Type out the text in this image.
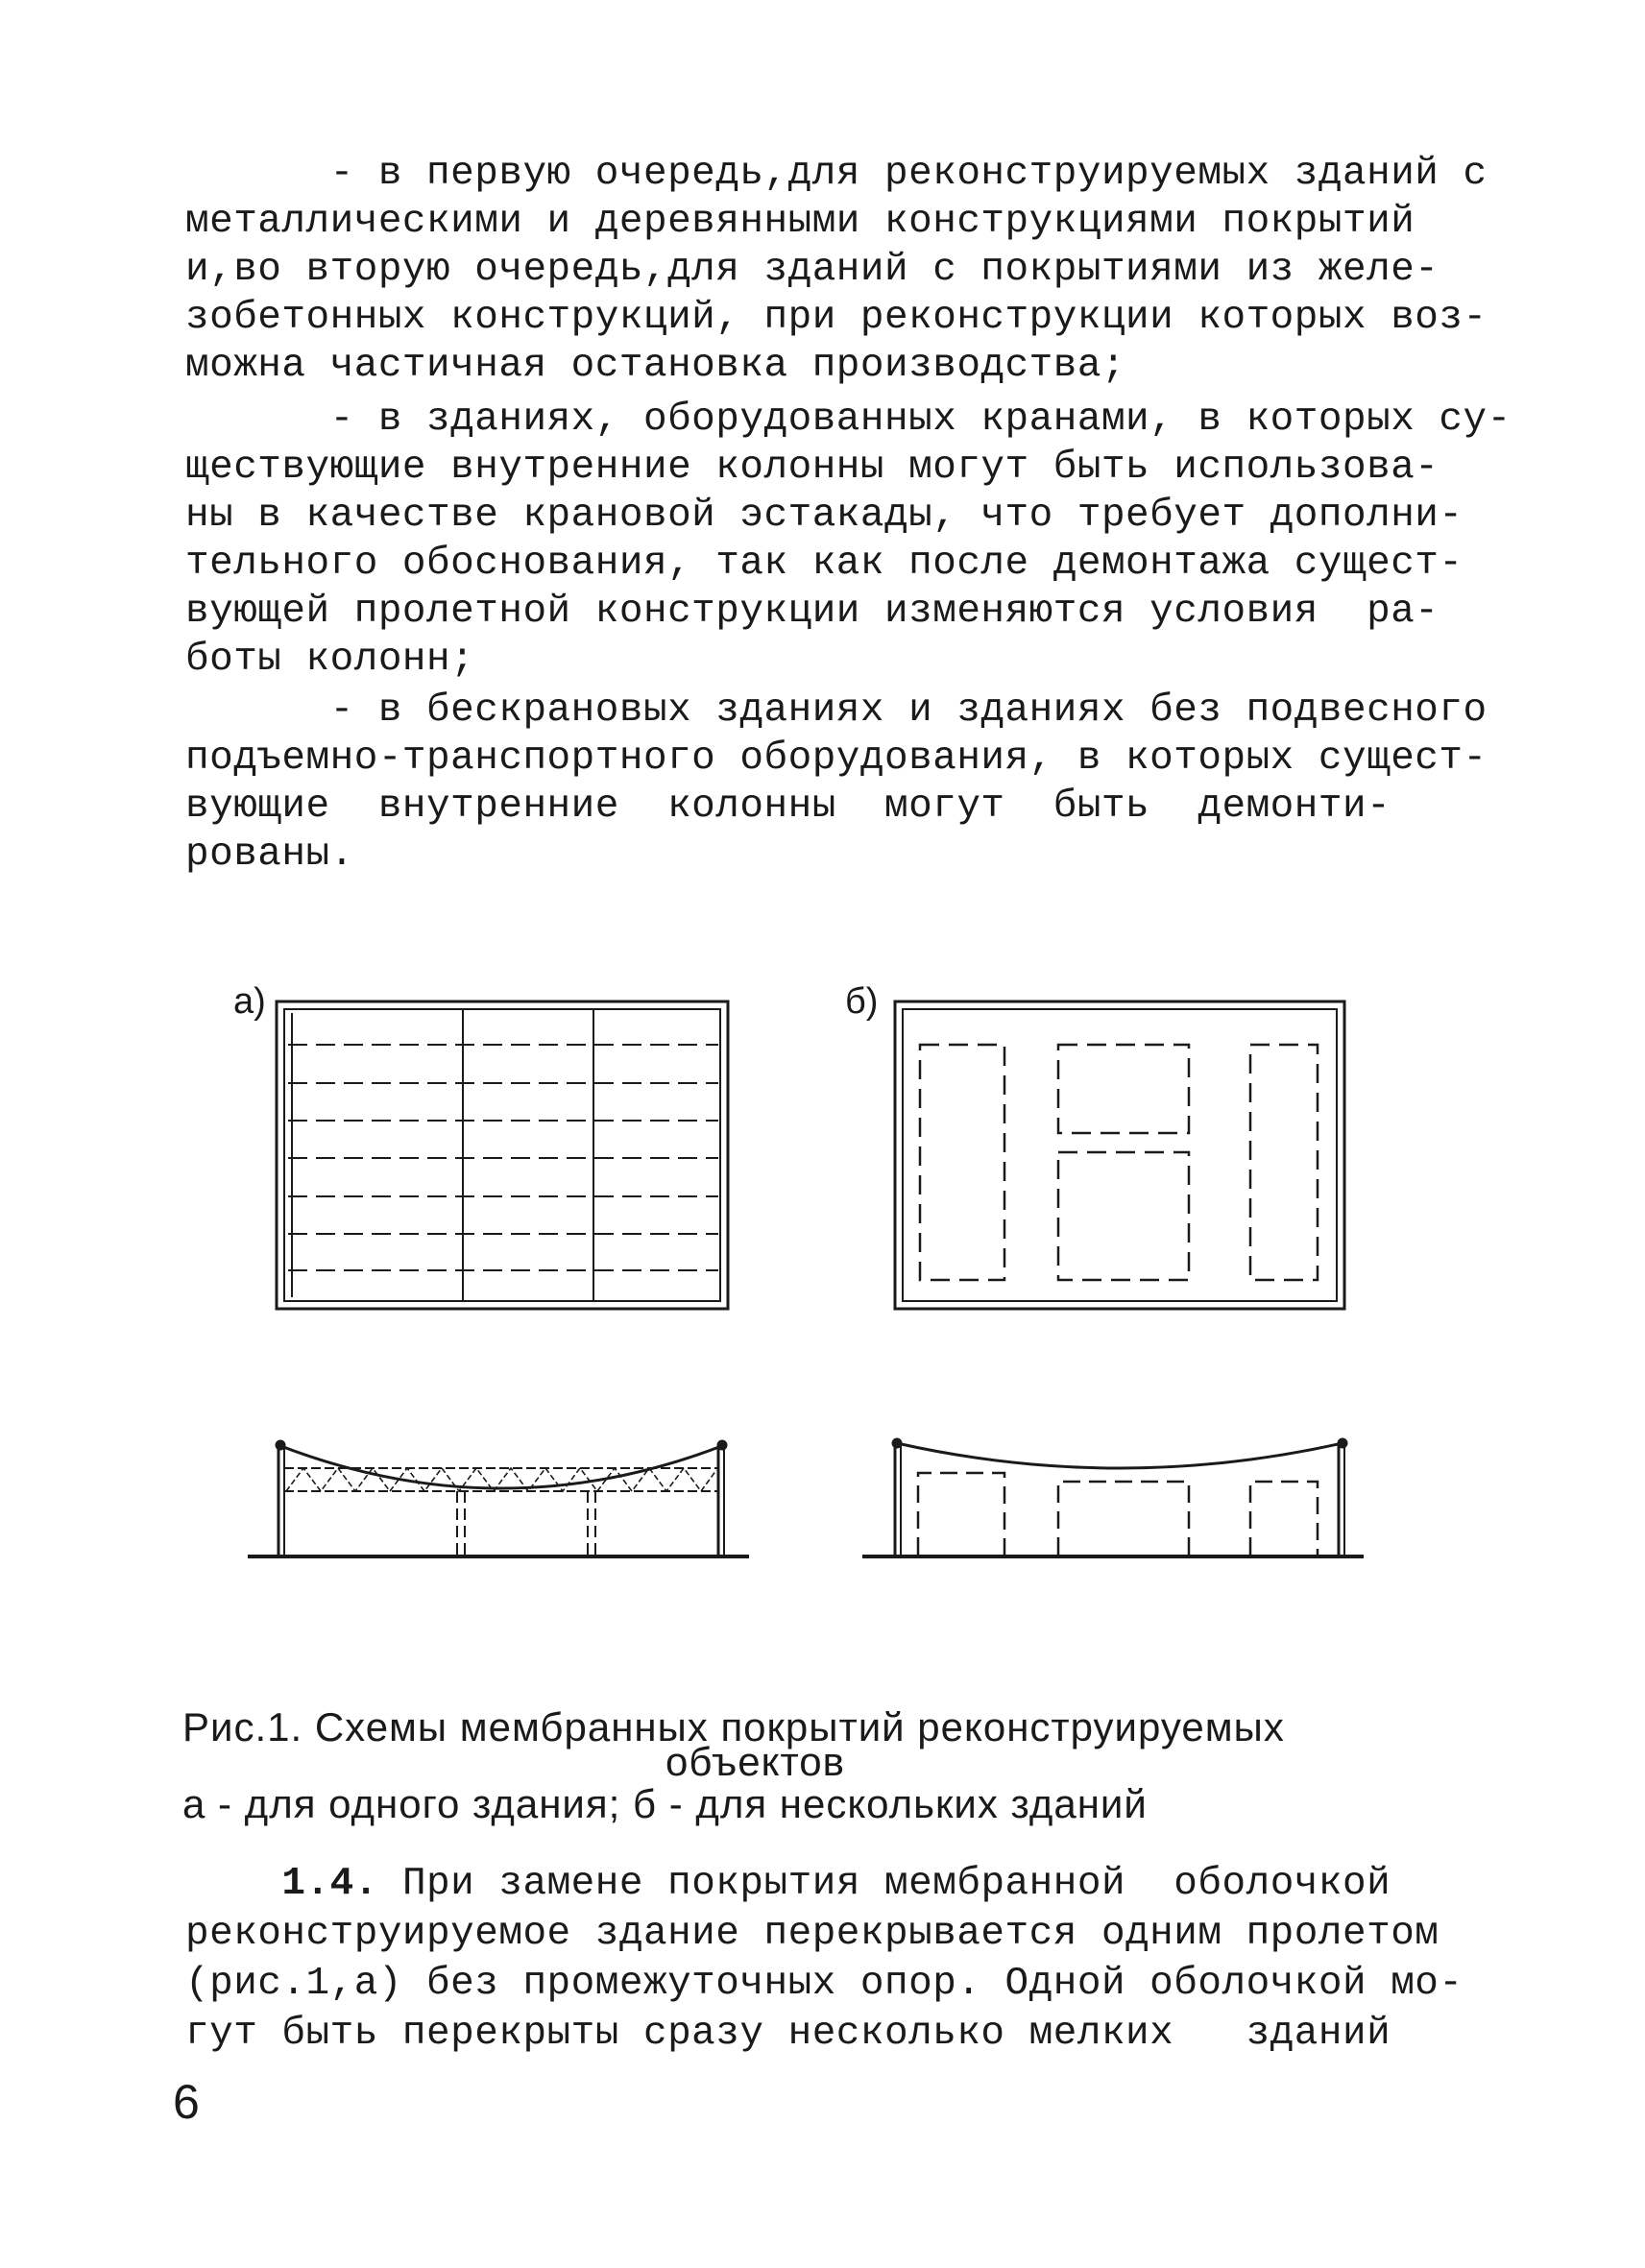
- в первую очередь,для реконструируемых зданий с
металлическими и деревянными конструкциями покрытий
и,во вторую очередь,для зданий с покрытиями из желе-
зобетонных конструкций, при реконструкции которых воз-
можна частичная остановка производства;
- в зданиях, оборудованных кранами, в которых су-
ществующие внутренние колонны могут быть использова-
ны в качестве крановой эстакады, что требует дополни-
тельного обоснования, так как после демонтажа сущест-
вующей пролетной конструкции изменяются условия  ра-
боты колонн;
- в бескрановых зданиях и зданиях без подвесного
подъемно-транспортного оборудования, в которых сущест-
вующие  внутренние  колонны  могут  быть  демонти-
рованы.
a)	б)
Рис.1. Схемы мембранных покрытий реконструируемых
объектов
а - для одного здания; б - для нескольких зданий
1.4. При замене покрытия мембранной  оболочкой
реконструируемое здание перекрывается одним пролетом
(рис.1,а) без промежуточных опор. Одной оболочкой мо-
гут быть перекрыты сразу несколько мелких   зданий
6
